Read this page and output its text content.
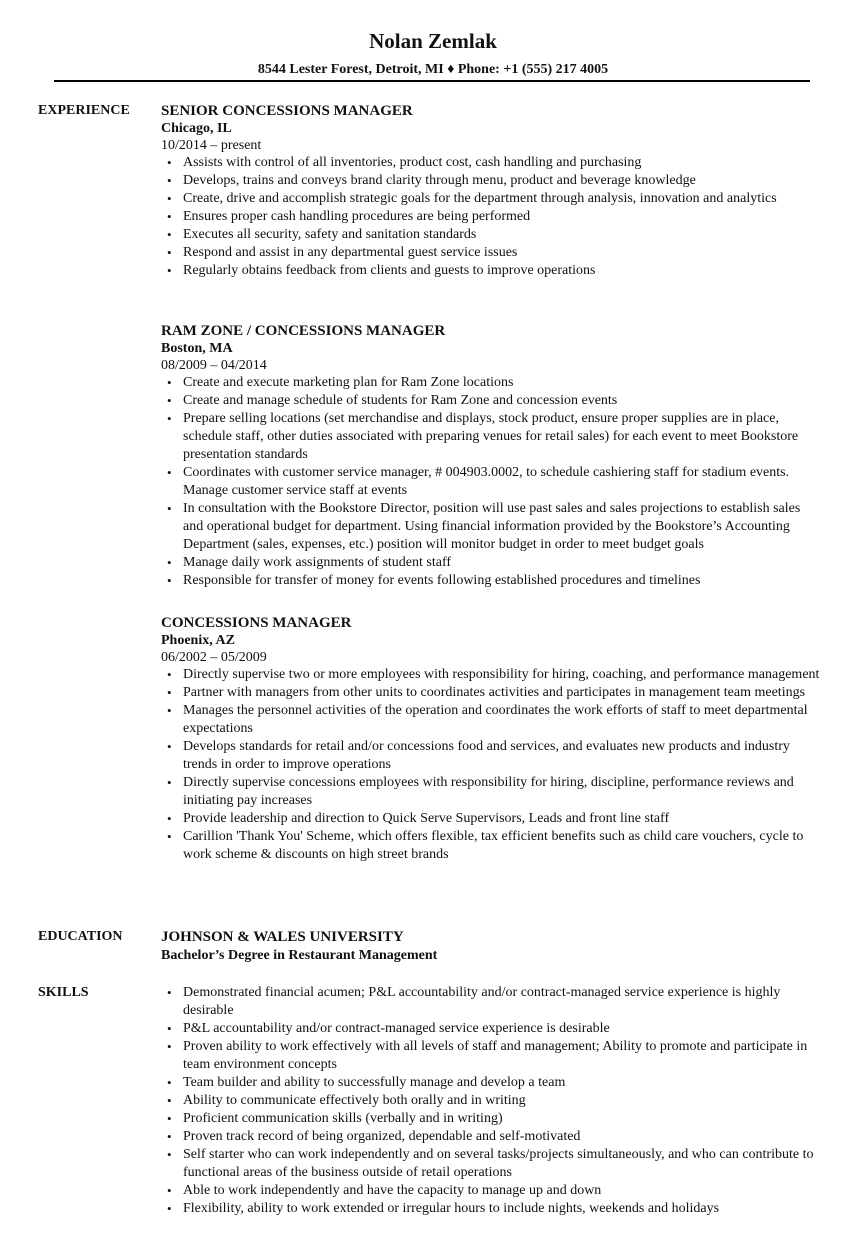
Nolan Zemlak
8544 Lester Forest, Detroit, MI ♦ Phone: +1 (555) 217 4005
EXPERIENCE SENIOR CONCESSIONS MANAGER
Chicago, IL
10/2014 – present
• Assists with control of all inventories, product cost, cash handling and purchasing
• Develops, trains and conveys brand clarity through menu, product and beverage knowledge
• Create, drive and accomplish strategic goals for the department through analysis, innovation and analytics
• Ensures proper cash handling procedures are being performed
• Executes all security, safety and sanitation standards
• Respond and assist in any departmental guest service issues
• Regularly obtains feedback from clients and guests to improve operations
RAM ZONE / CONCESSIONS MANAGER
Boston, MA
08/2009 – 04/2014
• Create and execute marketing plan for Ram Zone locations
• Create and manage schedule of students for Ram Zone and concession events
• Prepare selling locations (set merchandise and displays, stock product, ensure proper supplies are in place, schedule staff, other duties associated with preparing venues for retail sales) for each event to meet Bookstore presentation standards
• Coordinates with customer service manager, # 004903.0002, to schedule cashiering staff for stadium events. Manage customer service staff at events
• In consultation with the Bookstore Director, position will use past sales and sales projections to establish sales and operational budget for department. Using financial information provided by the Bookstore’s Accounting Department (sales, expenses, etc.) position will monitor budget in order to meet budget goals
• Manage daily work assignments of student staff
• Responsible for transfer of money for events following established procedures and timelines
CONCESSIONS MANAGER
Phoenix, AZ
06/2002 – 05/2009
• Directly supervise two or more employees with responsibility for hiring, coaching, and performance management
• Partner with managers from other units to coordinates activities and participates in management team meetings
• Manages the personnel activities of the operation and coordinates the work efforts of staff to meet departmental expectations
• Develops standards for retail and/or concessions food and services, and evaluates new products and industry trends in order to improve operations
• Directly supervise concessions employees with responsibility for hiring, discipline, performance reviews and initiating pay increases
• Provide leadership and direction to Quick Serve Supervisors, Leads and front line staff
• Carillion 'Thank You' Scheme, which offers flexible, tax efficient benefits such as child care vouchers, cycle to work scheme & discounts on high street brands
EDUCATION	JOHNSON & WALES UNIVERSITY
Bachelor’s Degree in Restaurant Management
SKILLS
•	Demonstrated financial acumen; P&L accountability and/or contract-managed service experience is highly desirable
• P&L accountability and/or contract-managed service experience is desirable
• Proven ability to work effectively with all levels of staff and management; Ability to promote and participate in team environment concepts
• Team builder and ability to successfully manage and develop a team
• Ability to communicate effectively both orally and in writing
• Proficient communication skills (verbally and in writing)
• Proven track record of being organized, dependable and self-motivated
• Self starter who can work independently and on several tasks/projects simultaneously, and who can contribute to functional areas of the business outside of retail operations
• Able to work independently and have the capacity to manage up and down
• Flexibility, ability to work extended or irregular hours to include nights, weekends and holidays
